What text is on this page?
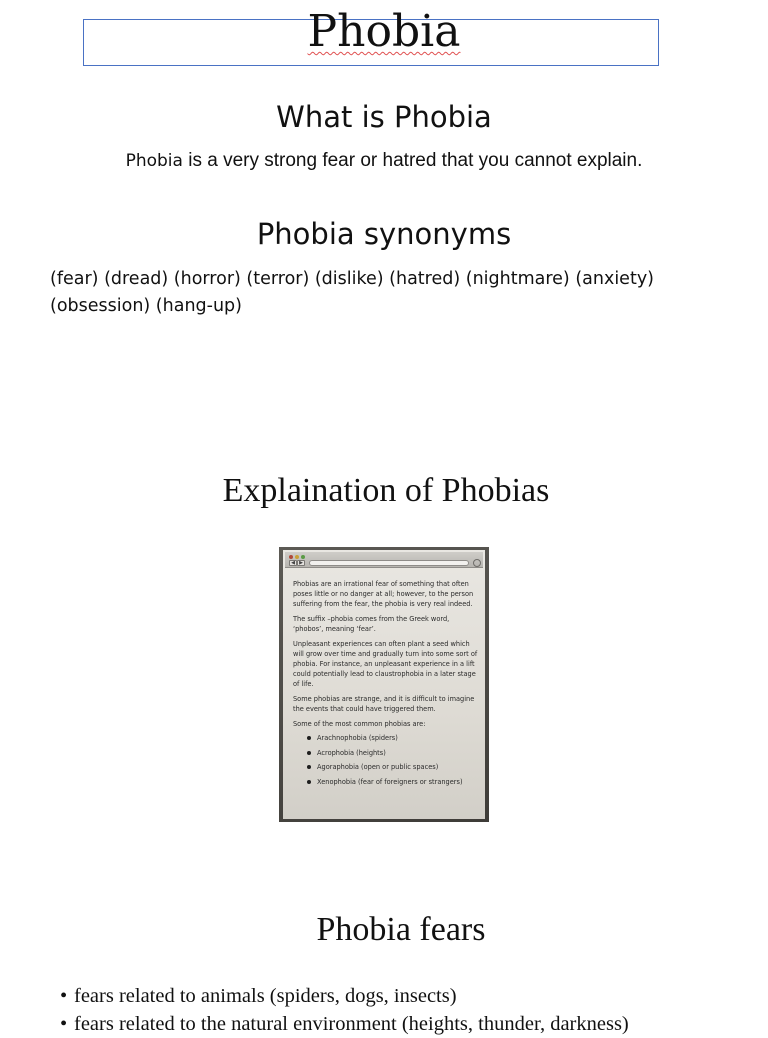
Phobia
What is Phobia

Phobia is a very strong fear or hatred that you cannot explain.

Phobia synonyms

(fear) (dread) (horror) (terror) (dislike) (hatred) (nightmare) (anxiety)
(obsession) (hang-up)

Explaination of Phobias
◀ ▶

Phobias are an irrational fear of something that often poses little or no danger at all; however, to the person suffering from the fear, the phobia is very real indeed.

The suffix –phobia comes from the Greek word, ‘phobos’, meaning ‘fear’.

Unpleasant experiences can often plant a seed which will grow over time and gradually turn into some sort of phobia. For instance, an unpleasant experience in a lift could potentially lead to claustrophobia in a later stage of life.

Some phobias are strange, and it is difficult to imagine the events that could have triggered them.

Some of the most common phobias are:

Arachnophobia (spiders)
Acrophobia (heights)
Agoraphobia (open or public spaces)
Xenophobia (fear of foreigners or strangers)
Phobia fears
• fears related to animals (spiders, dogs, insects)
• fears related to the natural environment (heights, thunder, darkness)
